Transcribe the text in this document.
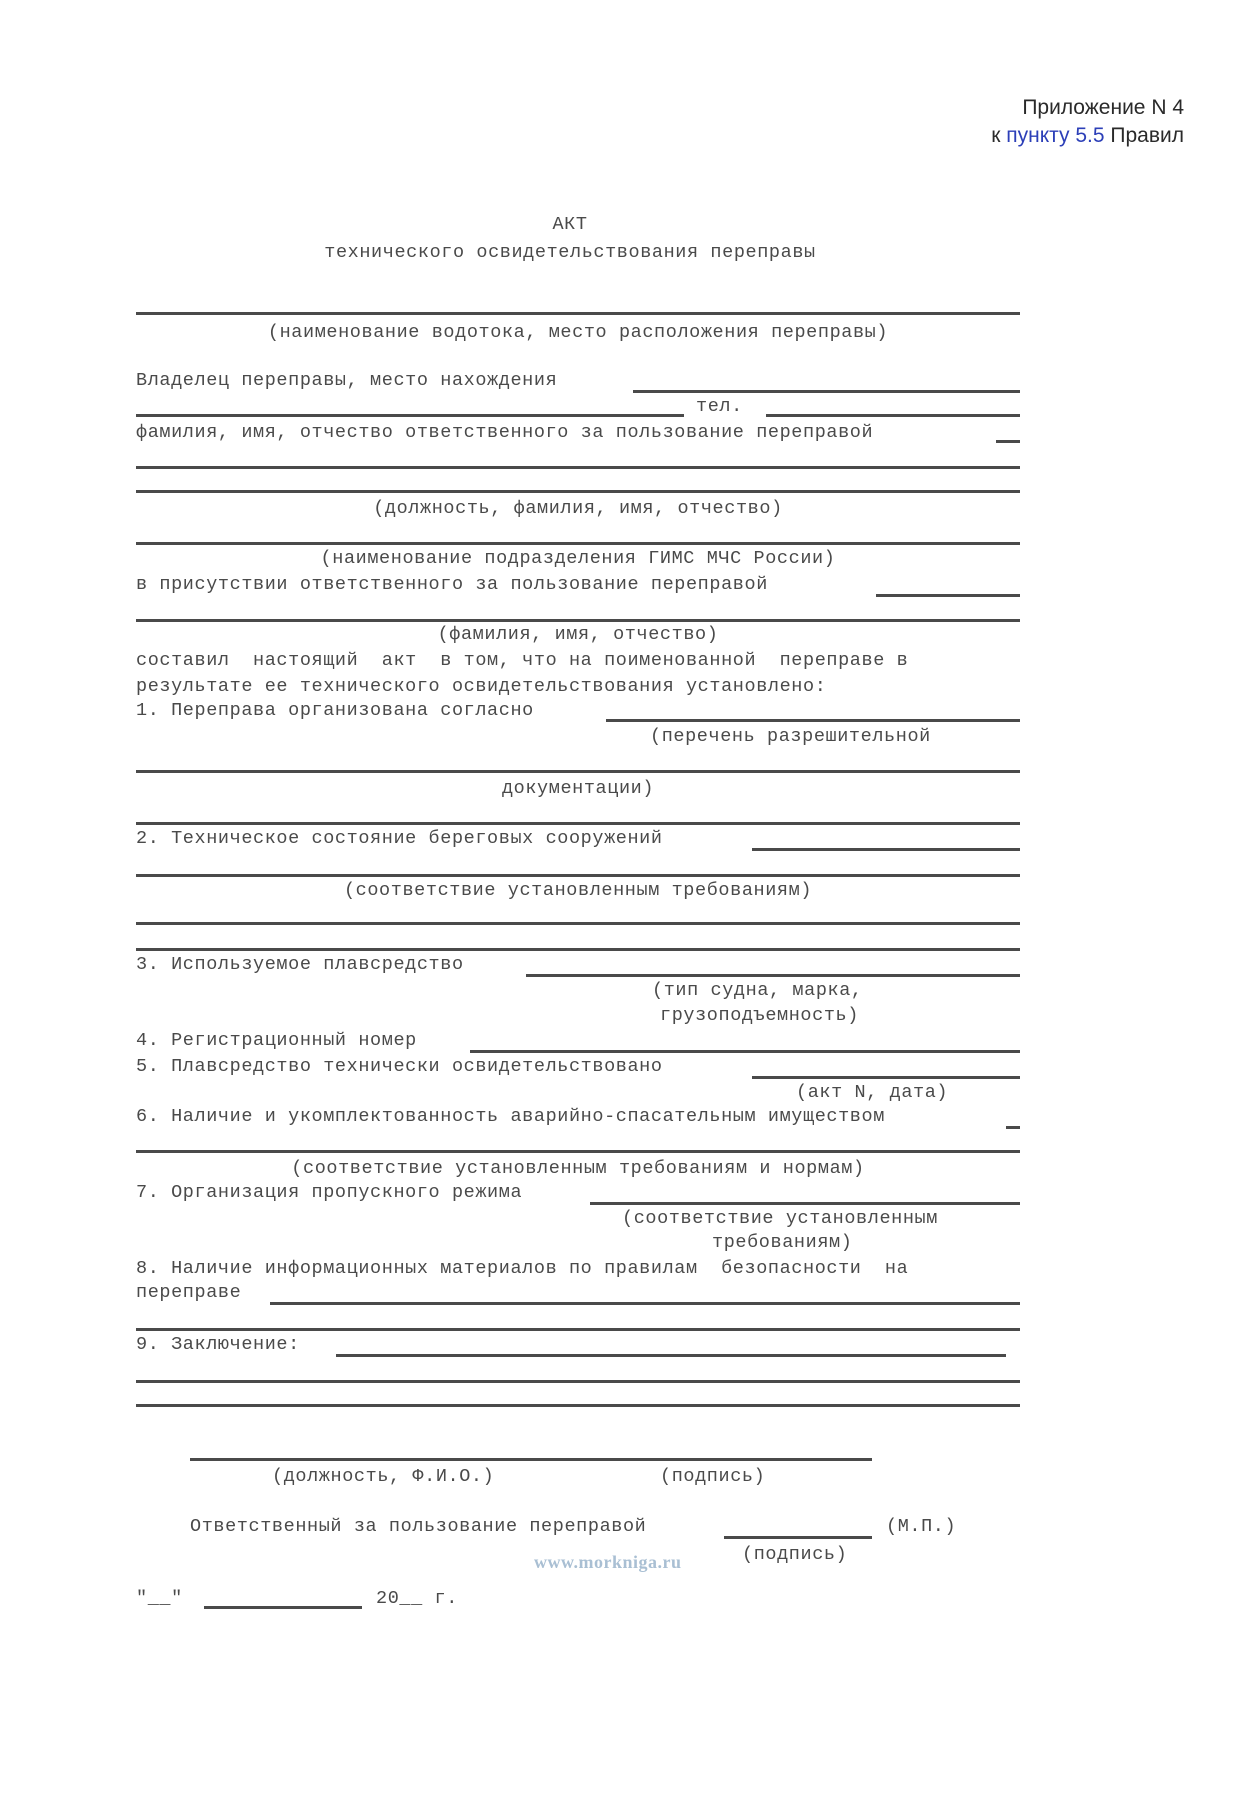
Приложение N 4
к пункту 5.5 Правил
АКТ
технического освидетельствования переправы
(наименование водотока, место расположения переправы)
Владелец переправы, место нахождения
тел.
фамилия, имя, отчество ответственного за пользование переправой
(должность, фамилия, имя, отчество)
(наименование подразделения ГИМС МЧС России)
в присутствии ответственного за пользование переправой
(фамилия, имя, отчество)
составил  настоящий  акт  в том, что на поименованной  переправе в
результате ее технического освидетельствования установлено:
1. Переправа организована согласно
(перечень разрешительной
документации)
2. Техническое состояние береговых сооружений
(соответствие установленным требованиям)
3. Используемое плавсредство
(тип судна, марка,
грузоподъемность)
4. Регистрационный номер
5. Плавсредство технически освидетельствовано
(акт N, дата)
6. Наличие и укомплектованность аварийно-спасательным имуществом
(соответствие установленным требованиям и нормам)
7. Организация пропускного режима
(соответствие установленным
требованиям)
8. Наличие информационных материалов по правилам  безопасности  на
переправе
9. Заключение:
(должность, Ф.И.О.)	(подпись)
Ответственный за пользование переправой	(М.П.)
(подпись)
www.morkniga.ru
"__"	20__ г.
